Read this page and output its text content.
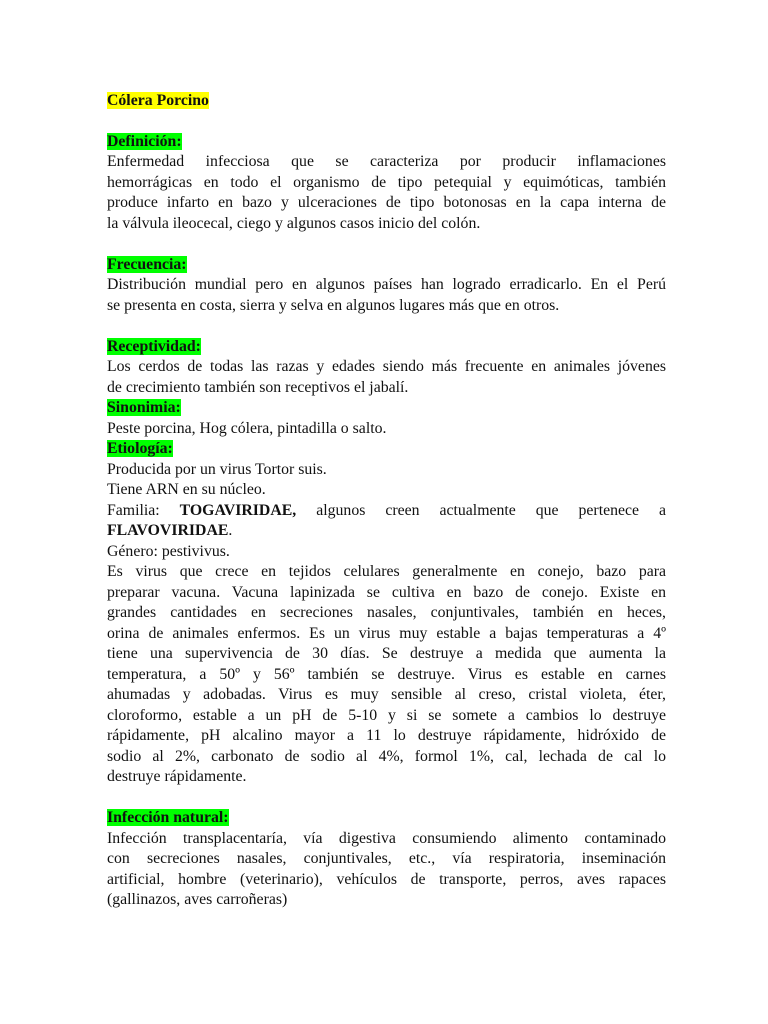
Cólera Porcino

Definición:

Enfermedad infecciosa que se caracteriza por producir inflamaciones

hemorrágicas en todo el organismo de tipo petequial y equimóticas, también

produce infarto en bazo y ulceraciones de tipo botonosas en la capa interna de

la válvula ileocecal, ciego y algunos casos inicio del colón.

Frecuencia:

Distribución mundial pero en algunos países han logrado erradicarlo. En el Perú

se presenta en costa, sierra y selva en algunos lugares más que en otros.

Receptividad:

Los cerdos de todas las razas y edades siendo más frecuente en animales jóvenes

de crecimiento también son receptivos el jabalí.

Sinonimia:

Peste porcina, Hog cólera, pintadilla o salto.

Etiología:

Producida por un virus Tortor suis.

Tiene ARN en su núcleo.

Familia: TOGAVIRIDAE, algunos creen actualmente que pertenece a

FLAVOVIRIDAE.

Género: pestivivus.

Es virus que crece en tejidos celulares generalmente en conejo, bazo para

preparar vacuna. Vacuna lapinizada se cultiva en bazo de conejo. Existe en

grandes cantidades en secreciones nasales, conjuntivales, también en heces,

orina de animales enfermos. Es un virus muy estable a bajas temperaturas a 4º

tiene una supervivencia de 30 días. Se destruye a medida que aumenta la

temperatura, a 50º y 56º también se destruye. Virus es estable en carnes

ahumadas y adobadas. Virus es muy sensible al creso, cristal violeta, éter,

cloroformo, estable a un pH de 5-10 y si se somete a cambios lo destruye

rápidamente, pH alcalino mayor a 11 lo destruye rápidamente, hidróxido de

sodio al 2%, carbonato de sodio al 4%, formol 1%, cal, lechada de cal lo

destruye rápidamente.

Infección natural:

Infección transplacentaría, vía digestiva consumiendo alimento contaminado

con secreciones nasales, conjuntivales, etc., vía respiratoria, inseminación

artificial, hombre (veterinario), vehículos de transporte, perros, aves rapaces

(gallinazos, aves carroñeras)
